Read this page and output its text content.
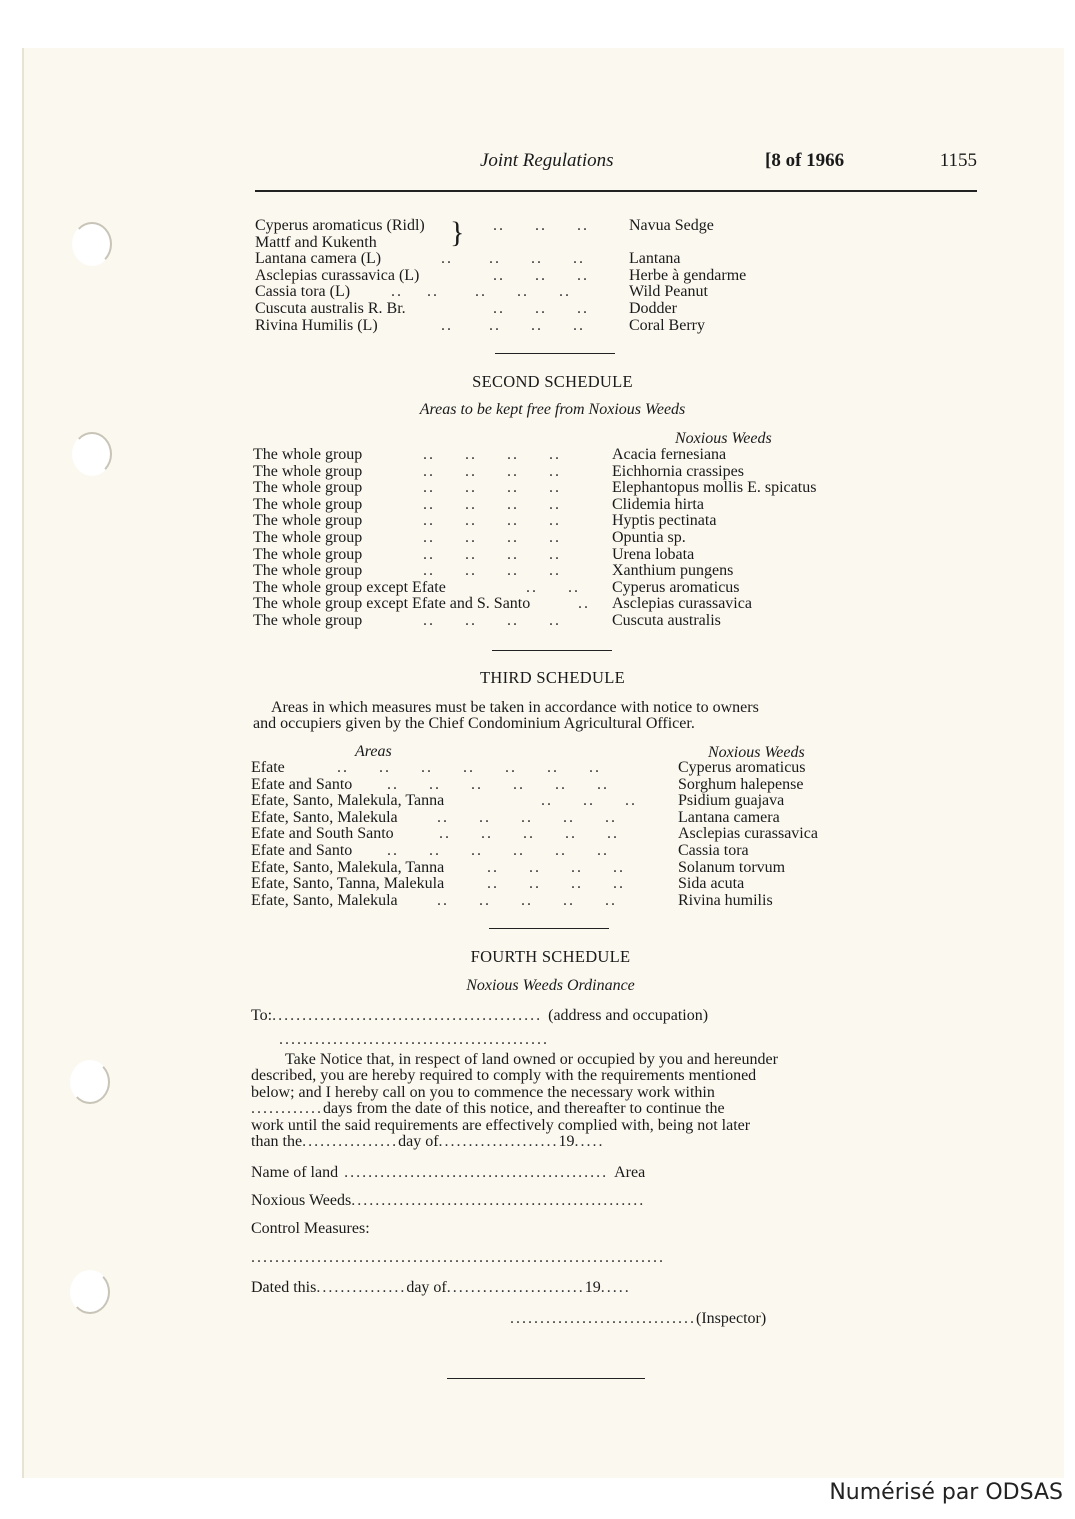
Joint Regulations	[8 of 1966	1155
Cyperus aromaticus (Ridl)	..     ..     ..	Navua Sedge
Mattf and Kukenth
Lantana camera (L)	..      ..     ..     ..	Lantana
Asclepias curassavica (L)	..     ..     ..	Herbe à gendarme
Cassia tora (L)	..    ..      ..     ..     ..	Wild Peanut
Cuscuta australis R. Br.	..     ..     ..	Dodder
Rivina Humilis (L)	..      ..     ..     ..	Coral Berry
}
SECOND SCHEDULE
Areas to be kept free from Noxious Weeds
Noxious Weeds
The whole group	..     ..     ..     ..	Acacia fernesiana
The whole group	..     ..     ..     ..	Eichhornia crassipes
The whole group	..     ..     ..     ..	Elephantopus mollis E. spicatus
The whole group	..     ..     ..     ..	Clidemia hirta
The whole group	..     ..     ..     ..	Hyptis pectinata
The whole group	..     ..     ..     ..	Opuntia sp.
The whole group	..     ..     ..     ..	Urena lobata
The whole group	..     ..     ..     ..	Xanthium pungens
The whole group except Efate	..     .. Cyperus aromaticus
The whole group except Efate and S. Santo	.. Asclepias curassavica
The whole group	..     ..     ..     ..	Cuscuta australis
THIRD SCHEDULE
Areas in which measures must be taken in accordance with notice to owners
and occupiers given by the Chief Condominium Agricultural Officer.
Areas	Noxious Weeds
Efate	..     ..     ..     ..     ..     ..     ..	Cyperus aromaticus
Efate and Santo ..     ..     ..     ..     ..     ..	Sorghum halepense
Efate, Santo, Malekula, Tanna	..     ..     ..	Psidium guajava
Efate, Santo, Malekula ..     ..     ..     ..     ..	Lantana camera
Efate and South Santo	..     ..     ..     ..     ..	Asclepias curassavica
Efate and Santo ..     ..     ..     ..     ..     ..	Cassia tora
Efate, Santo, Malekula, Tanna	..     ..     ..     ..	Solanum torvum
Efate, Santo, Tanna, Malekula	..     ..     ..     ..	Sida acuta
Efate, Santo, Malekula ..     ..     ..     ..     ..	Rivina humilis
FOURTH SCHEDULE
Noxious Weeds Ordinance
To:............................................. (address and occupation)
.............................................
Take Notice that, in respect of land owned or occupied by you and hereunder
described, you are hereby required to comply with the requirements mentioned
below; and I hereby call on you to commence the necessary work within
............days from the date of this notice, and thereafter to continue the
work until the said requirements are effectively complied with, being not later
than the................day of....................19.....
Name of land ............................................ Area
Noxious Weeds.................................................
Control Measures:
.....................................................................
Dated this...............day of.......................19.....
...............................(Inspector)
Numérisé par ODSAS
